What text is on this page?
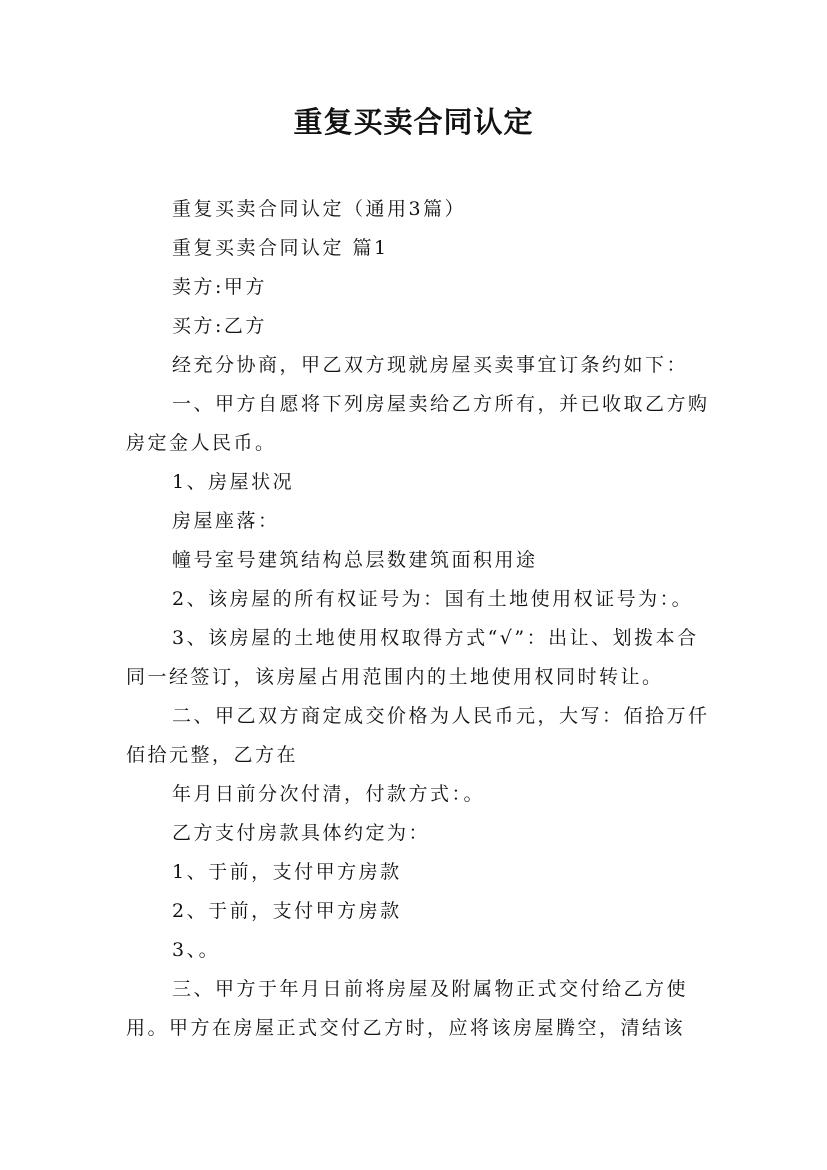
重复买卖合同认定

重复买卖合同认定（通用3篇）

重复买卖合同认定 篇1

卖方:甲方

买方:乙方

经充分协商，甲乙双方现就房屋买卖事宜订条约如下：

一、甲方自愿将下列房屋卖给乙方所有，并已收取乙方购房定金人民币。

1、房屋状况

房屋座落：

幢号室号建筑结构总层数建筑面积用途

2、该房屋的所有权证号为：国有土地使用权证号为：。

3、该房屋的土地使用权取得方式“√”：出让、划拨本合同一经签订，该房屋占用范围内的土地使用权同时转让。

二、甲乙双方商定成交价格为人民币元，大写：佰拾万仟佰拾元整，乙方在

年月日前分次付清，付款方式：。

乙方支付房款具体约定为：

1、于前，支付甲方房款

2、于前，支付甲方房款

3、。

三、甲方于年月日前将房屋及附属物正式交付给乙方使用。甲方在房屋正式交付乙方时，应将该房屋腾空，清结该
